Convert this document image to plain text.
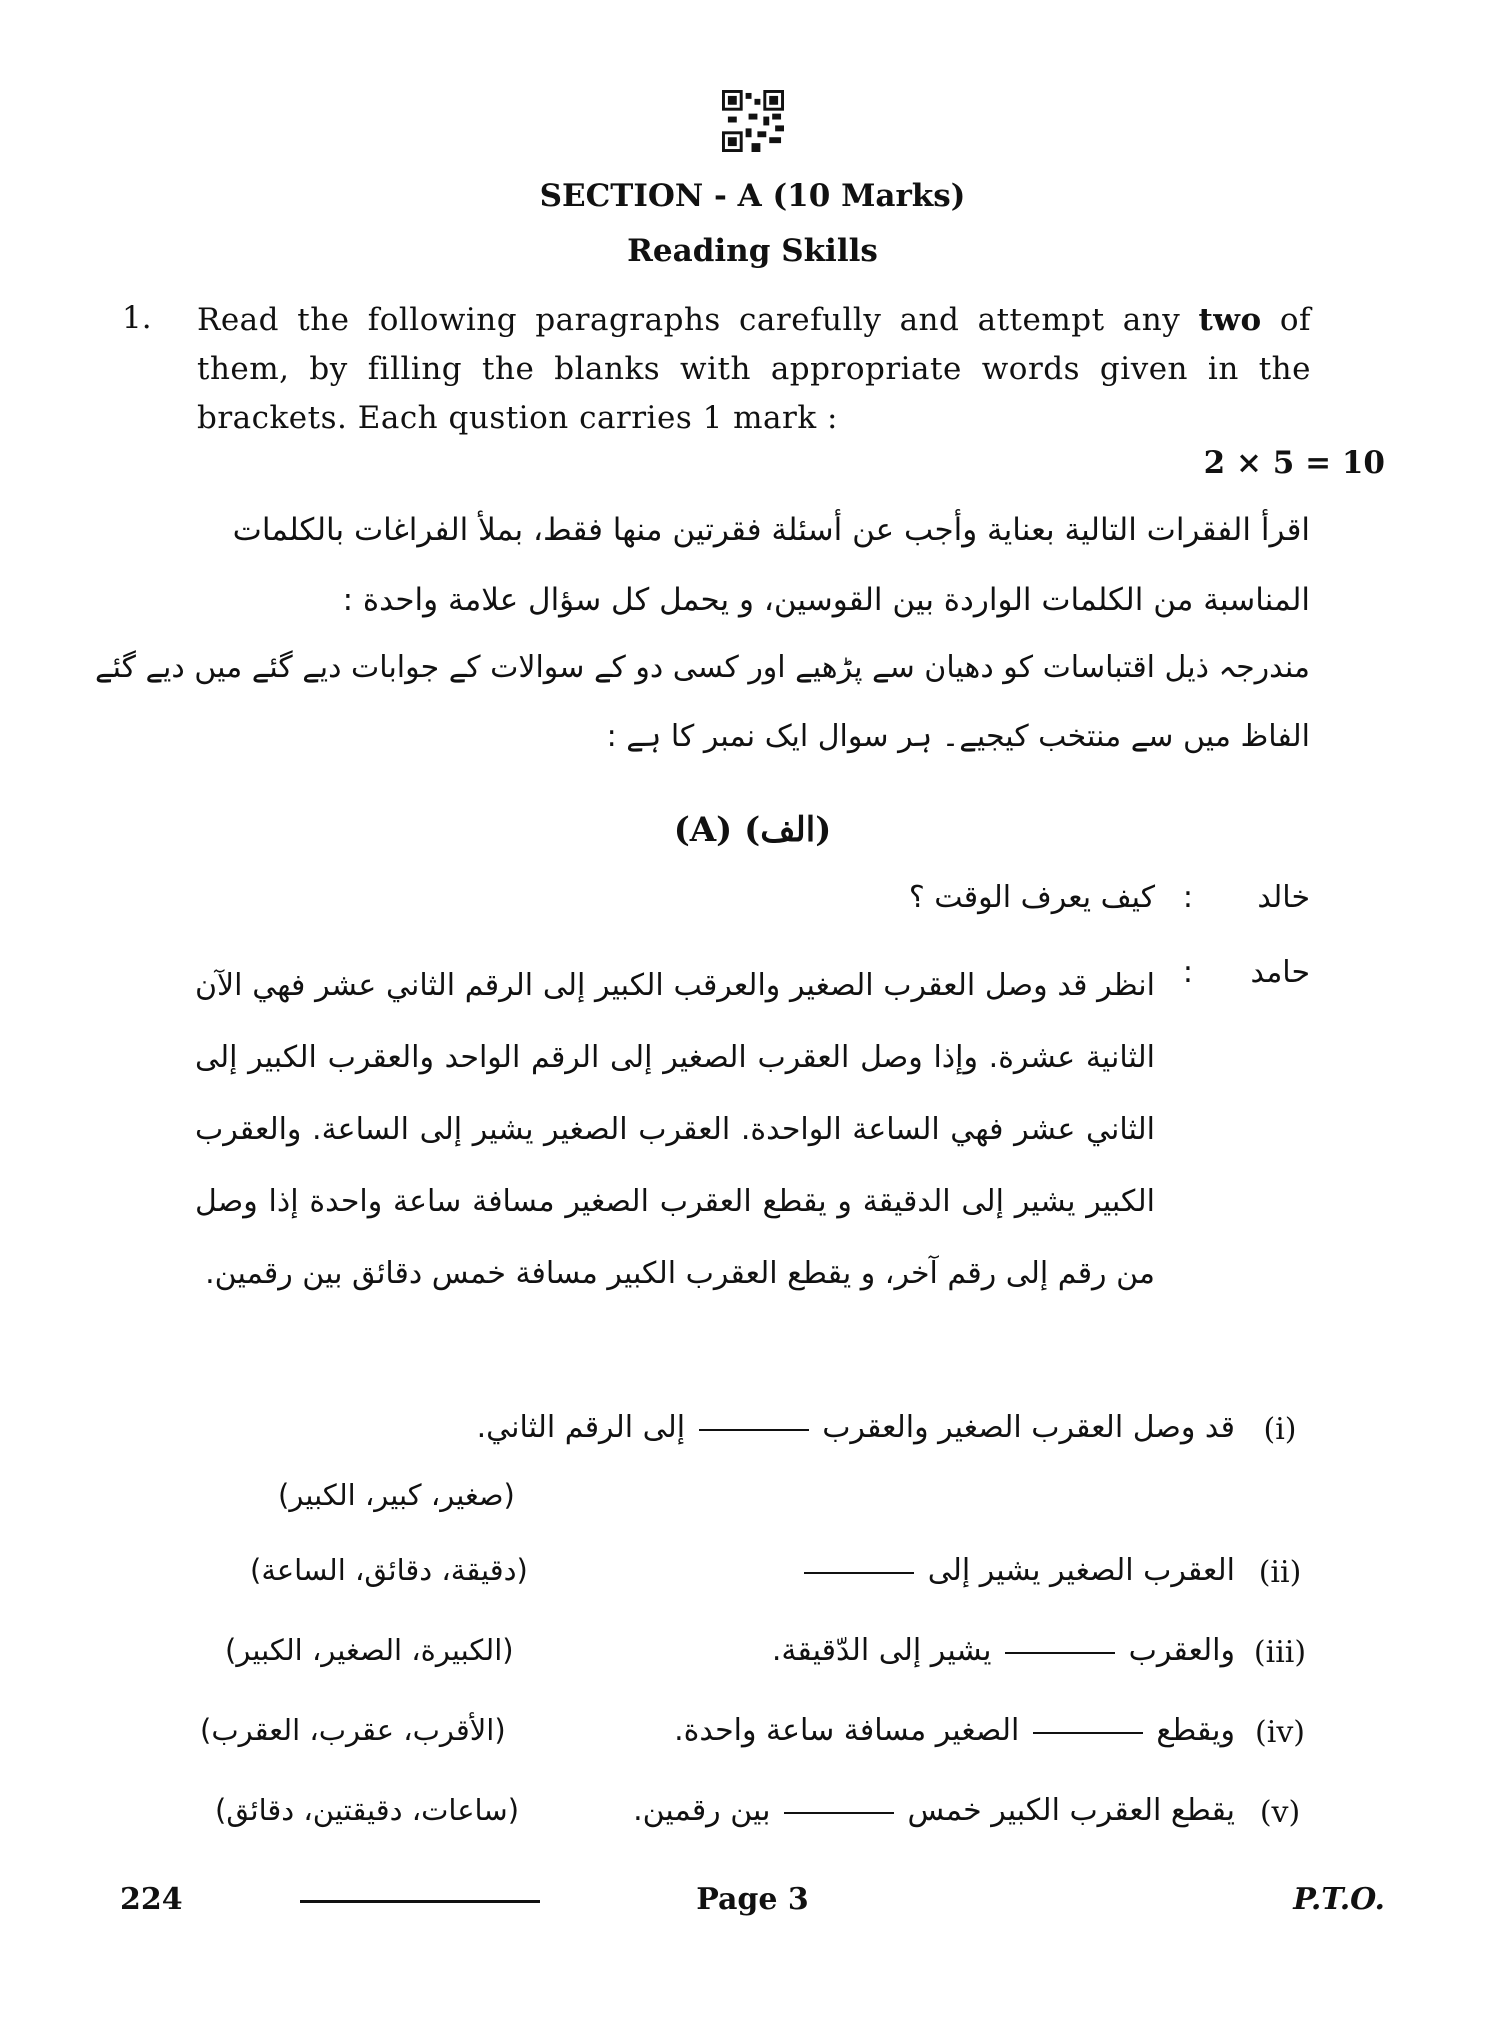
SECTION - A (10 Marks)
Reading Skills
1. Read the following paragraphs carefully and attempt any two of them, by filling the blanks with appropriate words given in the brackets. Each qustion carries 1 mark :
2 × 5 = 10
اقرأ الفقرات التالية بعناية وأجب عن أسئلة فقرتين منها فقط، بملأ الفراغات بالكلمات
المناسبة من الكلمات الواردة بين القوسين، و يحمل كل سؤال علامة واحدة :
مندرجہ ذیل اقتباسات کو دھیان سے پڑھیے اور کسی دو کے سوالات کے جوابات دیے گئے میں دیے گئے
الفاظ میں سے منتخب کیجیے۔ ہر سوال ایک نمبر کا ہے :
(A) (الف)
خالد
:
كيف يعرف الوقت ؟
حامد
:
انظر قد وصل العقرب الصغير والعرقب الكبير إلى الرقم الثاني عشر فهي الآن الثانية عشرة. وإذا وصل العقرب الصغير إلى الرقم الواحد والعقرب الكبير إلى الثاني عشر فهي الساعة الواحدة. العقرب الصغير يشير إلى الساعة. والعقرب الكبير يشير إلى الدقيقة و يقطع العقرب الصغير مسافة ساعة واحدة إذا وصل من رقم إلى رقم آخر، و يقطع العقرب الكبير مسافة خمس دقائق بين رقمين.
(i)
قد وصل العقرب الصغير والعقرب  إلى الرقم الثاني.
(صغير، كبير، الكبير)
(ii)
العقرب الصغير يشير إلى
(دقيقة، دقائق، الساعة)
(iii)
والعقرب  يشير إلى الدّقيقة.
(الكبيرة، الصغير، الكبير)
(iv)
ويقطع  الصغير مسافة ساعة واحدة.
(الأقرب، عقرب، العقرب)
(v)
يقطع العقرب الكبير خمس  بين رقمين.
(ساعات، دقيقتين، دقائق)
224	Page 3	P.T.O.
